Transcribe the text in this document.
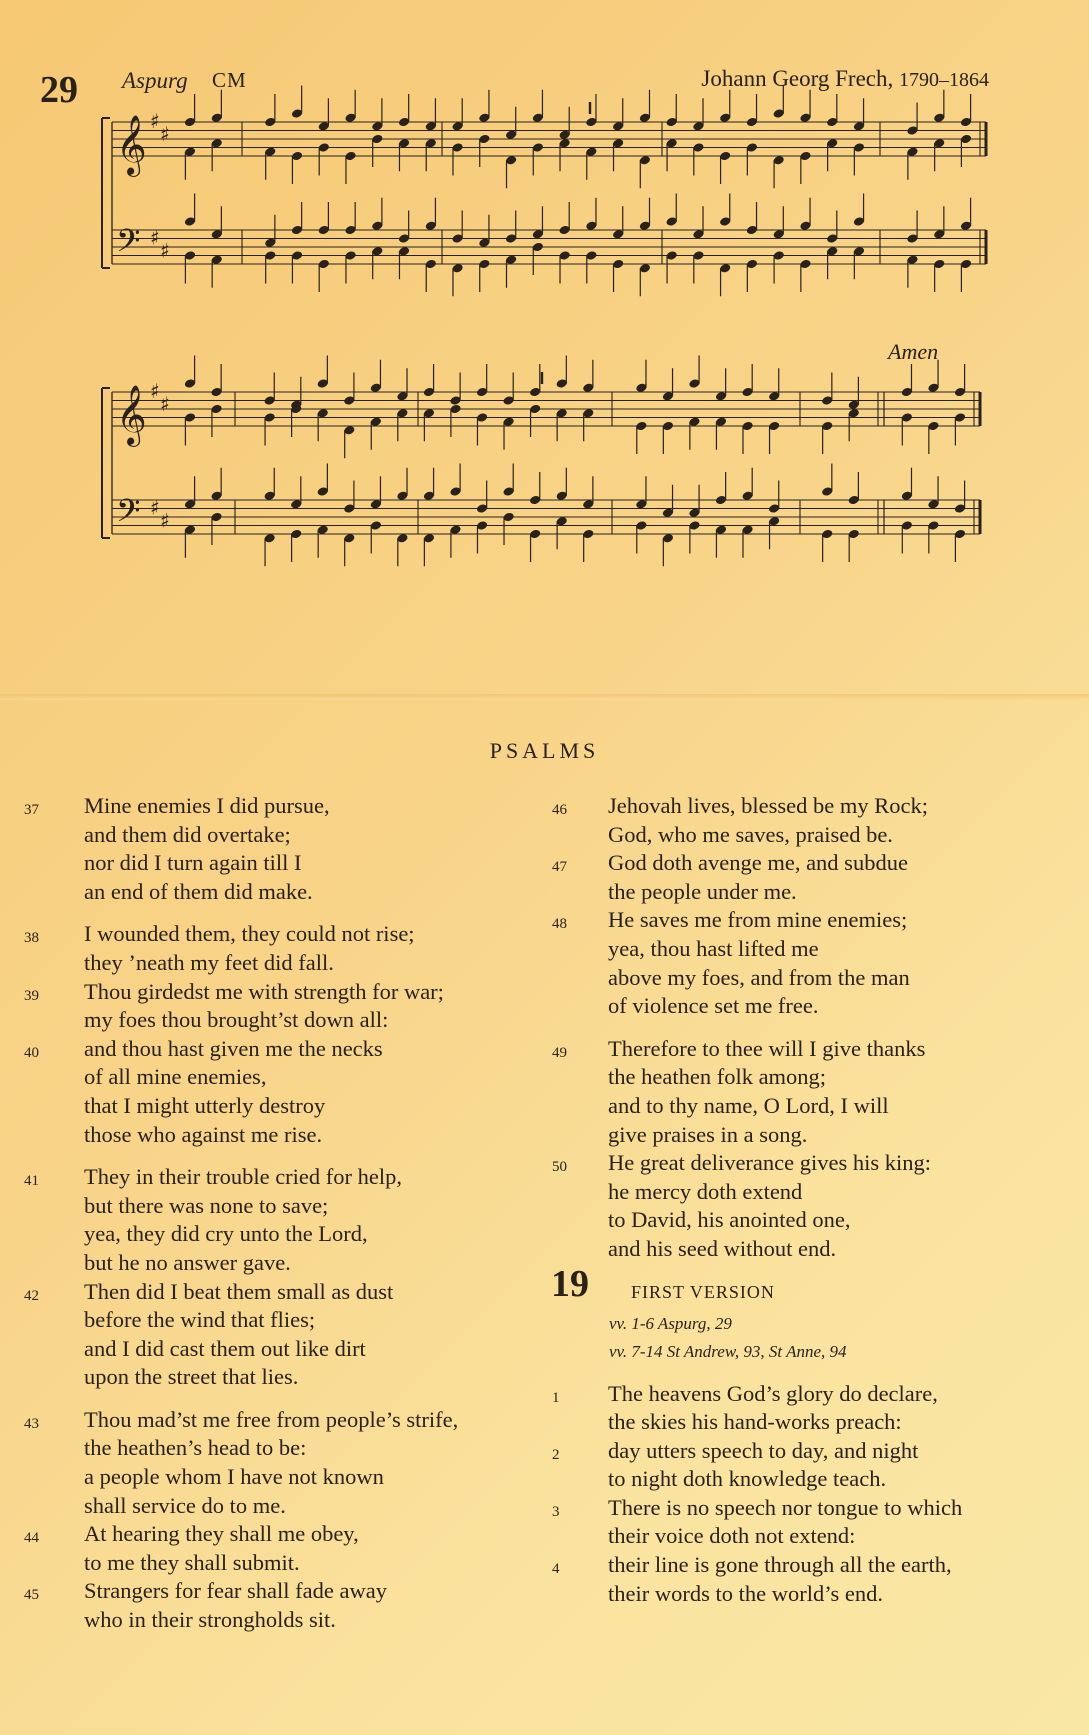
29 Aspurg CM	Johann Georg Frech, 1790–1864
Amen
𝄞 ♯
♯
𝄢 ♯
♯
𝄞 ♯
♯
𝄢 ♯
♯
PSALMS
37 Mine enemies I did pursue,
and them did overtake;
nor did I turn again till I
an end of them did make.
38 I wounded them, they could not rise;
they ’neath my feet did fall.
39 Thou girdedst me with strength for war;
my foes thou brought’st down all:
40 and thou hast given me the necks
of all mine enemies,
that I might utterly destroy
those who against me rise.
41 They in their trouble cried for help,
but there was none to save;
yea, they did cry unto the Lord,
but he no answer gave.
42 Then did I beat them small as dust
before the wind that flies;
and I did cast them out like dirt
upon the street that lies.
43 Thou mad’st me free from people’s strife,
the heathen’s head to be:
a people whom I have not known
shall service do to me.
44 At hearing they shall me obey,
to me they shall submit.
45 Strangers for fear shall fade away
who in their strongholds sit.
46 Jehovah lives, blessed be my Rock;
God, who me saves, praised be.
47 God doth avenge me, and subdue
the people under me.
48 He saves me from mine enemies;
yea, thou hast lifted me
above my foes, and from the man
of violence set me free.
49 Therefore to thee will I give thanks
the heathen folk among;
and to thy name, O Lord, I will
give praises in a song.
50 He great deliverance gives his king:
he mercy doth extend
to David, his anointed one,
and his seed without end.
19 FIRST VERSION
vv. 1-6 Aspurg, 29
vv. 7-14 St Andrew, 93, St Anne, 94
1 The heavens God’s glory do declare,
the skies his hand-works preach:
2 day utters speech to day, and night
to night doth knowledge teach.
3 There is no speech nor tongue to which
their voice doth not extend:
4 their line is gone through all the earth,
their words to the world’s end.
